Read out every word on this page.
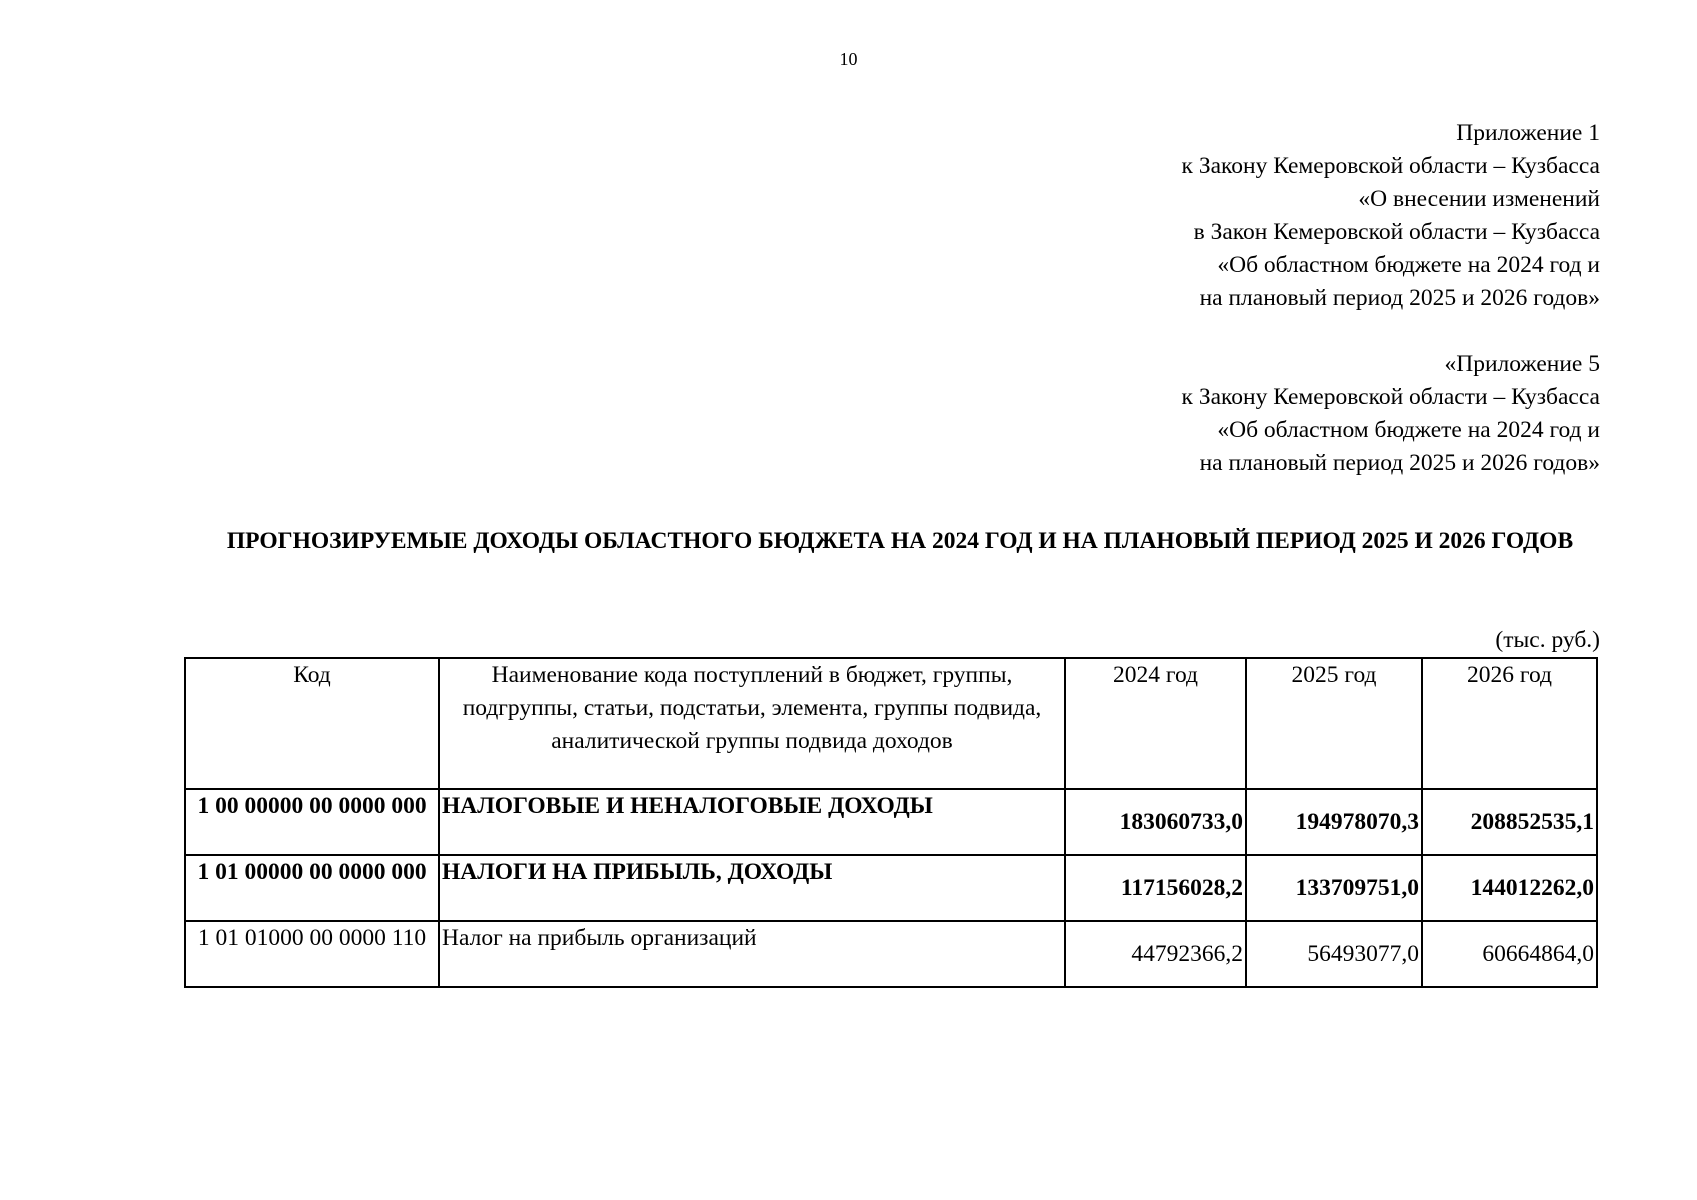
10
Приложение 1
к Закону Кемеровской области – Кузбасса
«О внесении изменений
в Закон Кемеровской области – Кузбасса
«Об областном бюджете на 2024 год и
на плановый период 2025 и 2026 годов»
«Приложение 5
к Закону Кемеровской области – Кузбасса
«Об областном бюджете на 2024 год и
на плановый период 2025 и 2026 годов»
ПРОГНОЗИРУЕМЫЕ ДОХОДЫ ОБЛАСТНОГО БЮДЖЕТА НА 2024 ГОД И НА ПЛАНОВЫЙ ПЕРИОД 2025 И 2026 ГОДОВ
(тыс. руб.)
Код	Наименование кода поступлений в бюджет, группы, подгруппы, статьи, подстатьи, элемента, группы подвида, аналитической группы подвида доходов	2024 год	2025 год	2026 год
1 00 00000 00 0000 000	НАЛОГОВЫЕ И НЕНАЛОГОВЫЕ ДОХОДЫ	183060733,0	194978070,3	208852535,1
1 01 00000 00 0000 000	НАЛОГИ НА ПРИБЫЛЬ, ДОХОДЫ	117156028,2	133709751,0	144012262,0
1 01 01000 00 0000 110	Налог на прибыль организаций	44792366,2	56493077,0	60664864,0
